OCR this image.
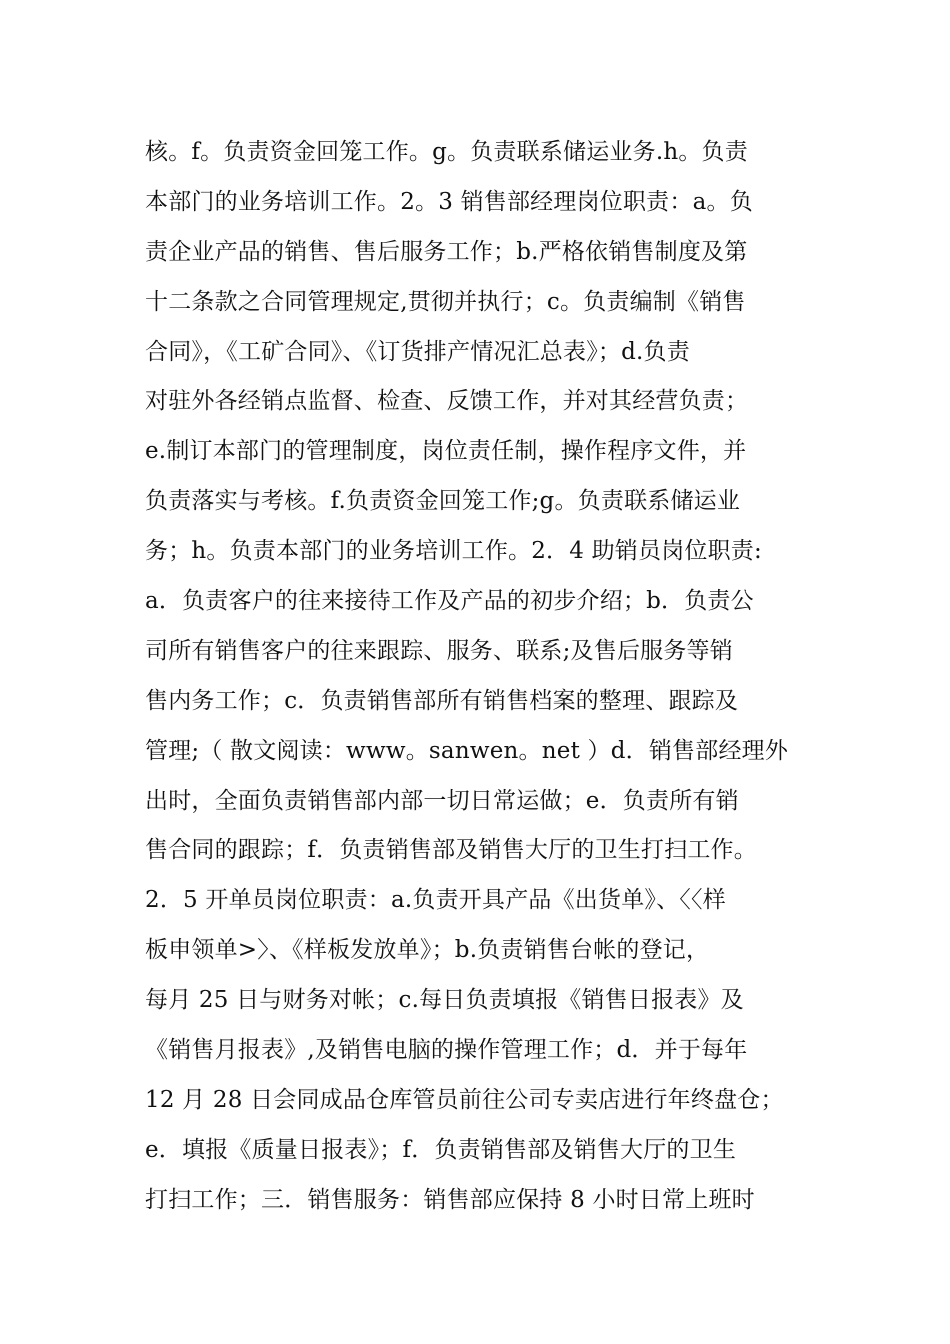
核。f。负责资金回笼工作。g。负责联系储运业务.h。负责
本部门的业务培训工作。2。3 销售部经理岗位职责：a。负
责企业产品的销售、售后服务工作；b.严格依销售制度及第
十二条款之合同管理规定,贯彻并执行；c。负责编制《销售
合同》，《工矿合同》、《订货排产情况汇总表》；d.负责
对驻外各经销点监督、检查、反馈工作，并对其经营负责；
e.制订本部门的管理制度，岗位责任制，操作程序文件，并
负责落实与考核。f.负责资金回笼工作;g。负责联系储运业
务；h。负责本部门的业务培训工作。2．4 助销员岗位职责:
a．负责客户的往来接待工作及产品的初步介绍；b．负责公
司所有销售客户的往来跟踪、服务、联系;及售后服务等销
售内务工作；c．负责销售部所有销售档案的整理、跟踪及
管理;（ 散文阅读：www。sanwen。net ）d．销售部经理外
出时，全面负责销售部内部一切日常运做；e．负责所有销
售合同的跟踪；f．负责销售部及销售大厅的卫生打扫工作。
2．5 开单员岗位职责：a.负责开具产品《出货单》、〈〈样
板申领单>〉、《样板发放单》；b.负责销售台帐的登记，
每月 25 日与财务对帐；c.每日负责填报《销售日报表》及
《销售月报表》,及销售电脑的操作管理工作；d．并于每年
12 月 28 日会同成品仓库管员前往公司专卖店进行年终盘仓；
e．填报《质量日报表》；f．负责销售部及销售大厅的卫生
打扫工作；三．销售服务：销售部应保持 8 小时日常上班时
